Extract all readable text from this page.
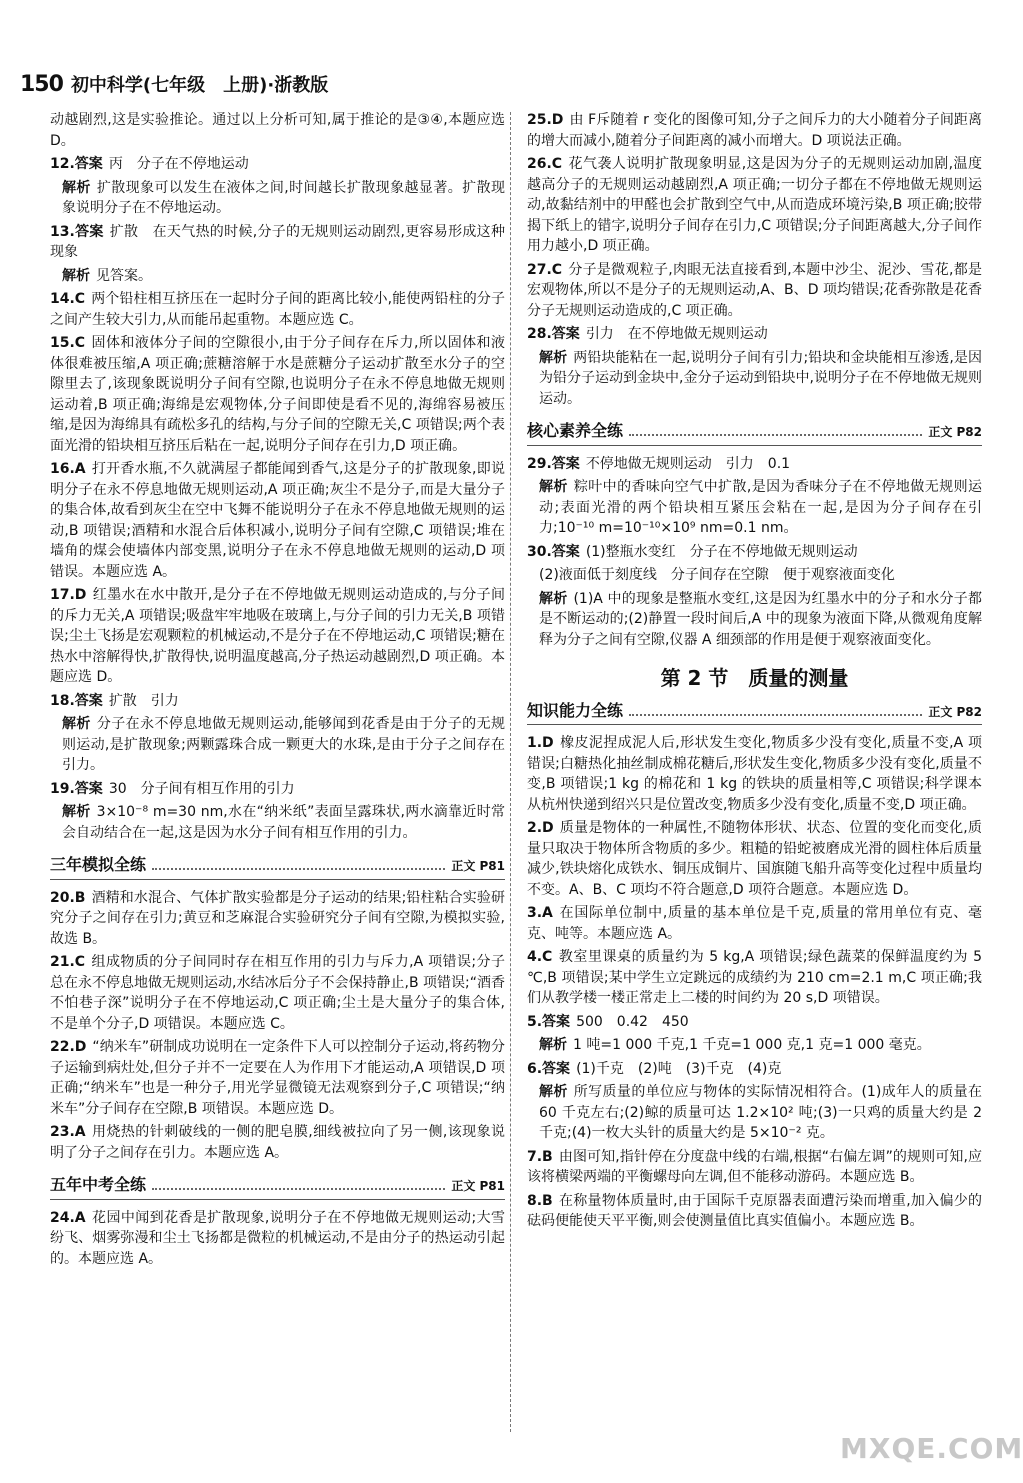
150 初中科学(七年级　上册)·浙教版

动越剧烈,这是实验推论。通过以上分析可知,属于推论的是③④,本题应选 D。

12.答案 丙　分子在不停地运动

解析 扩散现象可以发生在液体之间,时间越长扩散现象越显著。扩散现象说明分子在不停地运动。

13.答案 扩散　在天气热的时候,分子的无规则运动剧烈,更容易形成这种现象

解析 见答案。

14.C 两个铅柱相互挤压在一起时分子间的距离比较小,能使两铅柱的分子之间产生较大引力,从而能吊起重物。本题应选 C。

15.C 固体和液体分子间的空隙很小,由于分子间存在斥力,所以固体和液体很难被压缩,A 项正确;蔗糖溶解于水是蔗糖分子运动扩散至水分子的空隙里去了,该现象既说明分子间有空隙,也说明分子在永不停息地做无规则运动着,B 项正确;海绵是宏观物体,分子间即使是看不见的,海绵容易被压缩,是因为海绵具有疏松多孔的结构,与分子间的空隙无关,C 项错误;两个表面光滑的铅块相互挤压后粘在一起,说明分子间存在引力,D 项正确。

16.A 打开香水瓶,不久就满屋子都能闻到香气,这是分子的扩散现象,即说明分子在永不停息地做无规则运动,A 项正确;灰尘不是分子,而是大量分子的集合体,故看到灰尘在空中飞舞不能说明分子在永不停息地做无规则的运动,B 项错误;酒精和水混合后体积减小,说明分子间有空隙,C 项错误;堆在墙角的煤会使墙体内部变黑,说明分子在永不停息地做无规则的运动,D 项错误。本题应选 A。

17.D 红墨水在水中散开,是分子在不停地做无规则运动造成的,与分子间的斥力无关,A 项错误;吸盘牢牢地吸在玻璃上,与分子间的引力无关,B 项错误;尘土飞扬是宏观颗粒的机械运动,不是分子在不停地运动,C 项错误;糖在热水中溶解得快,扩散得快,说明温度越高,分子热运动越剧烈,D 项正确。本题应选 D。

18.答案 扩散　引力

解析 分子在永不停息地做无规则运动,能够闻到花香是由于分子的无规则运动,是扩散现象;两颗露珠合成一颗更大的水珠,是由于分子之间存在引力。

19.答案 30　分子间有相互作用的引力

解析 3×10⁻⁸ m=30 nm,水在“纳米纸”表面呈露珠状,两水滴靠近时常会自动结合在一起,这是因为水分子间有相互作用的引力。

三年模拟全练	正文 P81

20.B 酒精和水混合、气体扩散实验都是分子运动的结果;铅柱粘合实验研究分子之间存在引力;黄豆和芝麻混合实验研究分子间有空隙,为模拟实验,故选 B。

21.C 组成物质的分子间同时存在相互作用的引力与斥力,A 项错误;分子总在永不停息地做无规则运动,水结冰后分子不会保持静止,B 项错误;“酒香不怕巷子深”说明分子在不停地运动,C 项正确;尘土是大量分子的集合体,不是单个分子,D 项错误。本题应选 C。

22.D “纳米车”研制成功说明在一定条件下人可以控制分子运动,将药物分子运输到病灶处,但分子并不一定要在人为作用下才能运动,A 项错误,D 项正确;“纳米车”也是一种分子,用光学显微镜无法观察到分子,C 项错误;“纳米车”分子间存在空隙,B 项错误。本题应选 D。

23.A 用烧热的针刺破线的一侧的肥皂膜,细线被拉向了另一侧,该现象说明了分子之间存在引力。本题应选 A。

五年中考全练	正文 P81

24.A 花园中闻到花香是扩散现象,说明分子在不停地做无规则运动;大雪纷飞、烟雾弥漫和尘土飞扬都是微粒的机械运动,不是由分子的热运动引起的。本题应选 A。

25.D 由 F斥随着 r 变化的图像可知,分子之间斥力的大小随着分子间距离的增大而减小,随着分子间距离的减小而增大。D 项说法正确。

26.C 花气袭人说明扩散现象明显,这是因为分子的无规则运动加剧,温度越高分子的无规则运动越剧烈,A 项正确;一切分子都在不停地做无规则运动,故黏结剂中的甲醛也会扩散到空气中,从而造成环境污染,B 项正确;胶带揭下纸上的错字,说明分子间存在引力,C 项错误;分子间距离越大,分子间作用力越小,D 项正确。

27.C 分子是微观粒子,肉眼无法直接看到,本题中沙尘、泥沙、雪花,都是宏观物体,所以不是分子的无规则运动,A、B、D 项均错误;花香弥散是花香分子无规则运动造成的,C 项正确。

28.答案 引力　在不停地做无规则运动

解析 两铅块能粘在一起,说明分子间有引力;铅块和金块能相互渗透,是因为铅分子运动到金块中,金分子运动到铅块中,说明分子在不停地做无规则运动。

核心素养全练	正文 P82

29.答案 不停地做无规则运动　引力　0.1

解析 粽叶中的香味向空气中扩散,是因为香味分子在不停地做无规则运动;表面光滑的两个铅块相互紧压会粘在一起,是因为分子间存在引力;10⁻¹⁰ m=10⁻¹⁰×10⁹ nm=0.1 nm。

30.答案 (1)整瓶水变红　分子在不停地做无规则运动

(2)液面低于刻度线　分子间存在空隙　便于观察液面变化

解析 (1)A 中的现象是整瓶水变红,这是因为红墨水中的分子和水分子都是不断运动的;(2)静置一段时间后,A 中的现象为液面下降,从微观角度解释为分子之间有空隙,仪器 A 细颈部的作用是便于观察液面变化。

第 2 节 质量的测量
知识能力全练	正文 P82

1.D 橡皮泥捏成泥人后,形状发生变化,物质多少没有变化,质量不变,A 项错误;白糖热化抽丝制成棉花糖后,形状发生变化,物质多少没有变化,质量不变,B 项错误;1 kg 的棉花和 1 kg 的铁块的质量相等,C 项错误;科学课本从杭州快递到绍兴只是位置改变,物质多少没有变化,质量不变,D 项正确。

2.D 质量是物体的一种属性,不随物体形状、状态、位置的变化而变化,质量只取决于物体所含物质的多少。粗糙的铅蛇被磨成光滑的圆柱体后质量减少,铁块熔化成铁水、铜压成铜片、国旗随飞船升高等变化过程中质量均不变。A、B、C 项均不符合题意,D 项符合题意。本题应选 D。

3.A 在国际单位制中,质量的基本单位是千克,质量的常用单位有克、毫克、吨等。本题应选 A。

4.C 教室里课桌的质量约为 5 kg,A 项错误;绿色蔬菜的保鲜温度约为 5 ℃,B 项错误;某中学生立定跳远的成绩约为 210 cm=2.1 m,C 项正确;我们从教学楼一楼正常走上二楼的时间约为 20 s,D 项错误。

5.答案 500　0.42　450

解析 1 吨=1 000 千克,1 千克=1 000 克,1 克=1 000 毫克。

6.答案 (1)千克　(2)吨　(3)千克　(4)克

解析 所写质量的单位应与物体的实际情况相符合。(1)成年人的质量在 60 千克左右;(2)鲸的质量可达 1.2×10² 吨;(3)一只鸡的质量大约是 2 千克;(4)一枚大头针的质量大约是 5×10⁻² 克。

7.B 由图可知,指针停在分度盘中线的右端,根据“右偏左调”的规则可知,应该将横梁两端的平衡螺母向左调,但不能移动游码。本题应选 B。

8.B 在称量物体质量时,由于国际千克原器表面遭污染而增重,加入偏少的砝码便能使天平平衡,则会使测量值比真实值偏小。本题应选 B。

MXQE.COM
